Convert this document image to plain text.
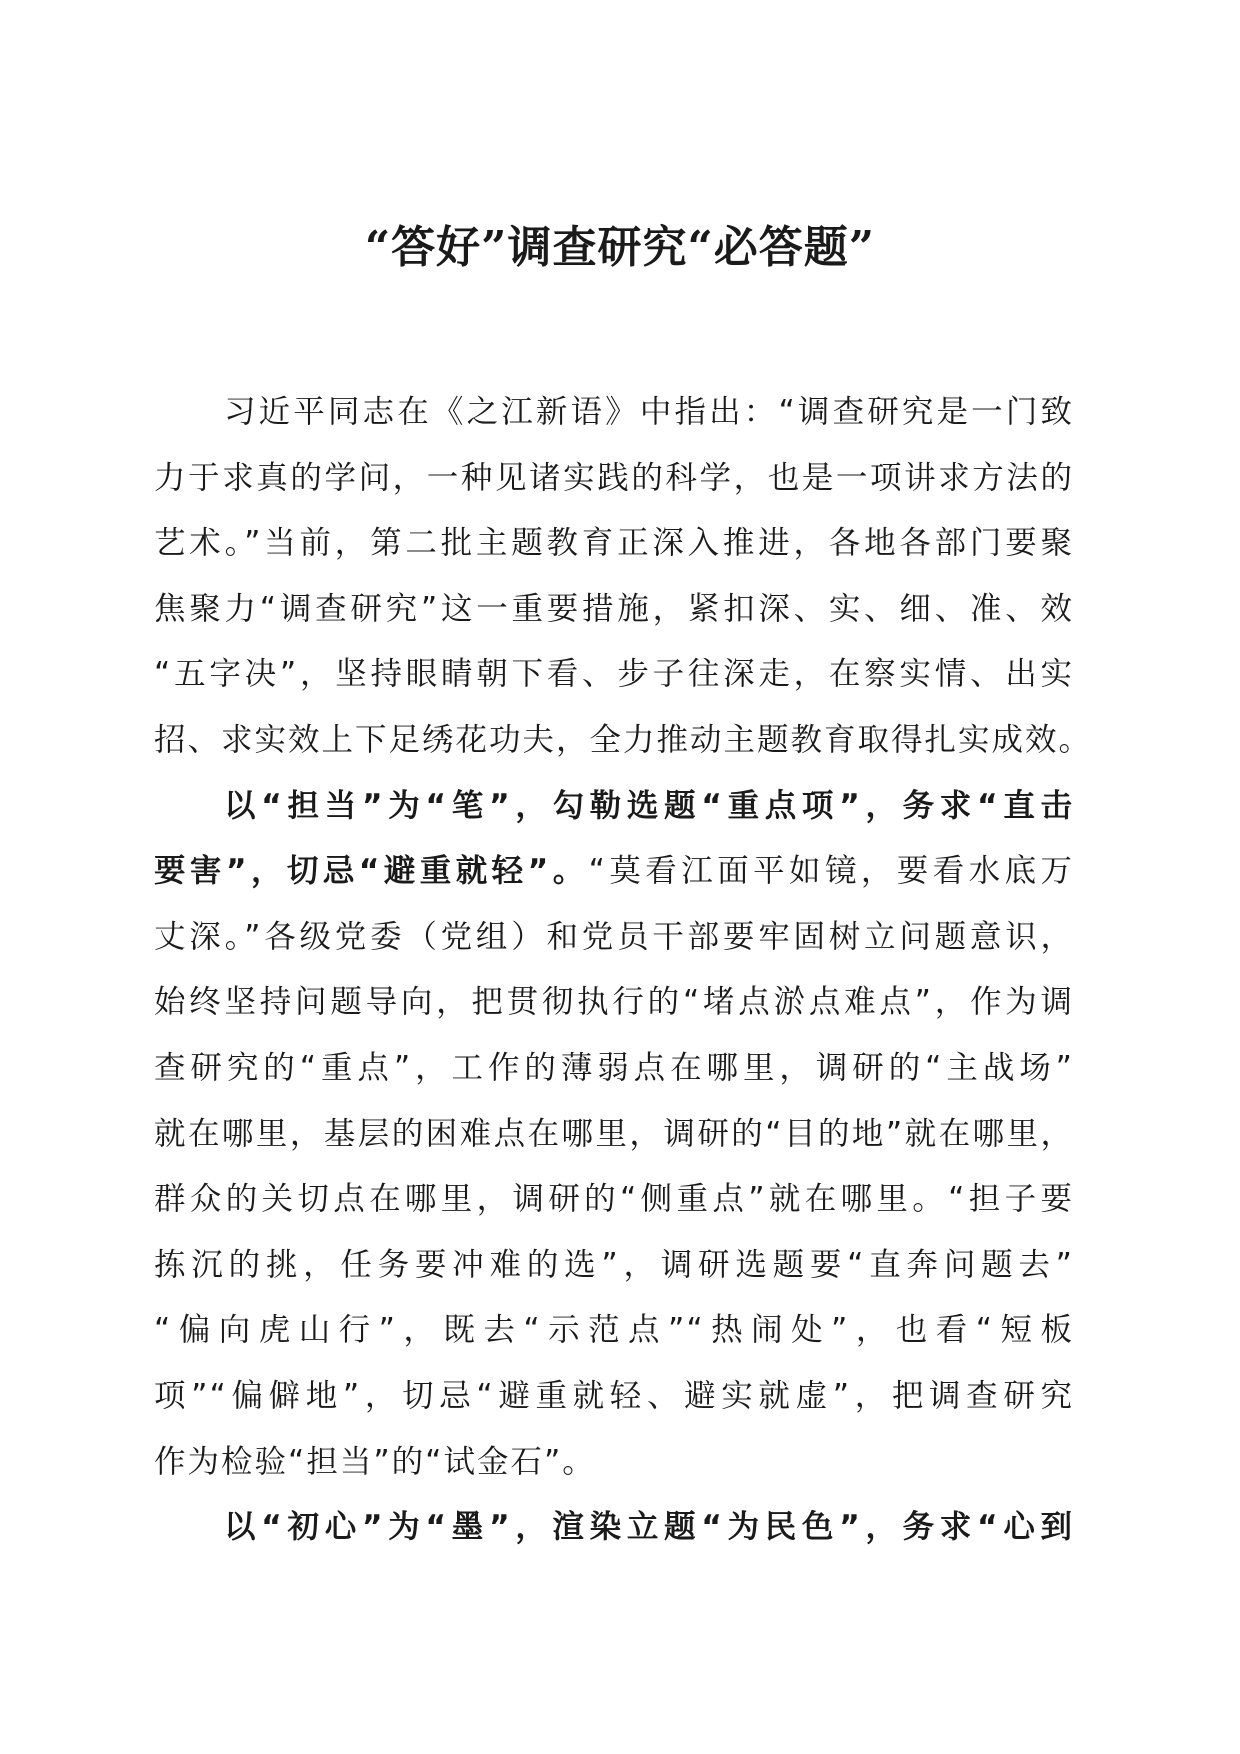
“答好”调查研究“必答题”
习近平同志在《之江新语》中指出：“调查研究是一门致
力于求真的学问，一种见诸实践的科学，也是一项讲求方法的
艺术。”当前，第二批主题教育正深入推进，各地各部门要聚
焦聚力“调查研究”这一重要措施，紧扣深、实、细、准、效
“五字决”，坚持眼睛朝下看、步子往深走，在察实情、出实
招、求实效上下足绣花功夫，全力推动主题教育取得扎实成效。
以“担当”为“笔”，勾勒选题“重点项”，务求“直击
要害”，切忌“避重就轻”。“莫看江面平如镜，要看水底万
丈深。”各级党委（党组）和党员干部要牢固树立问题意识，
始终坚持问题导向，把贯彻执行的“堵点淤点难点”，作为调
查研究的“重点”，工作的薄弱点在哪里，调研的“主战场”
就在哪里，基层的困难点在哪里，调研的“目的地”就在哪里，
群众的关切点在哪里，调研的“侧重点”就在哪里。“担子要
拣沉的挑，任务要冲难的选”，调研选题要“直奔问题去”
“偏向虎山行”，既去“示范点”“热闹处”，也看“短板
项”“偏僻地”，切忌“避重就轻、避实就虚”，把调查研究
作为检验“担当”的“试金石”。
以“初心”为“墨”，渲染立题“为民色”，务求“心到
